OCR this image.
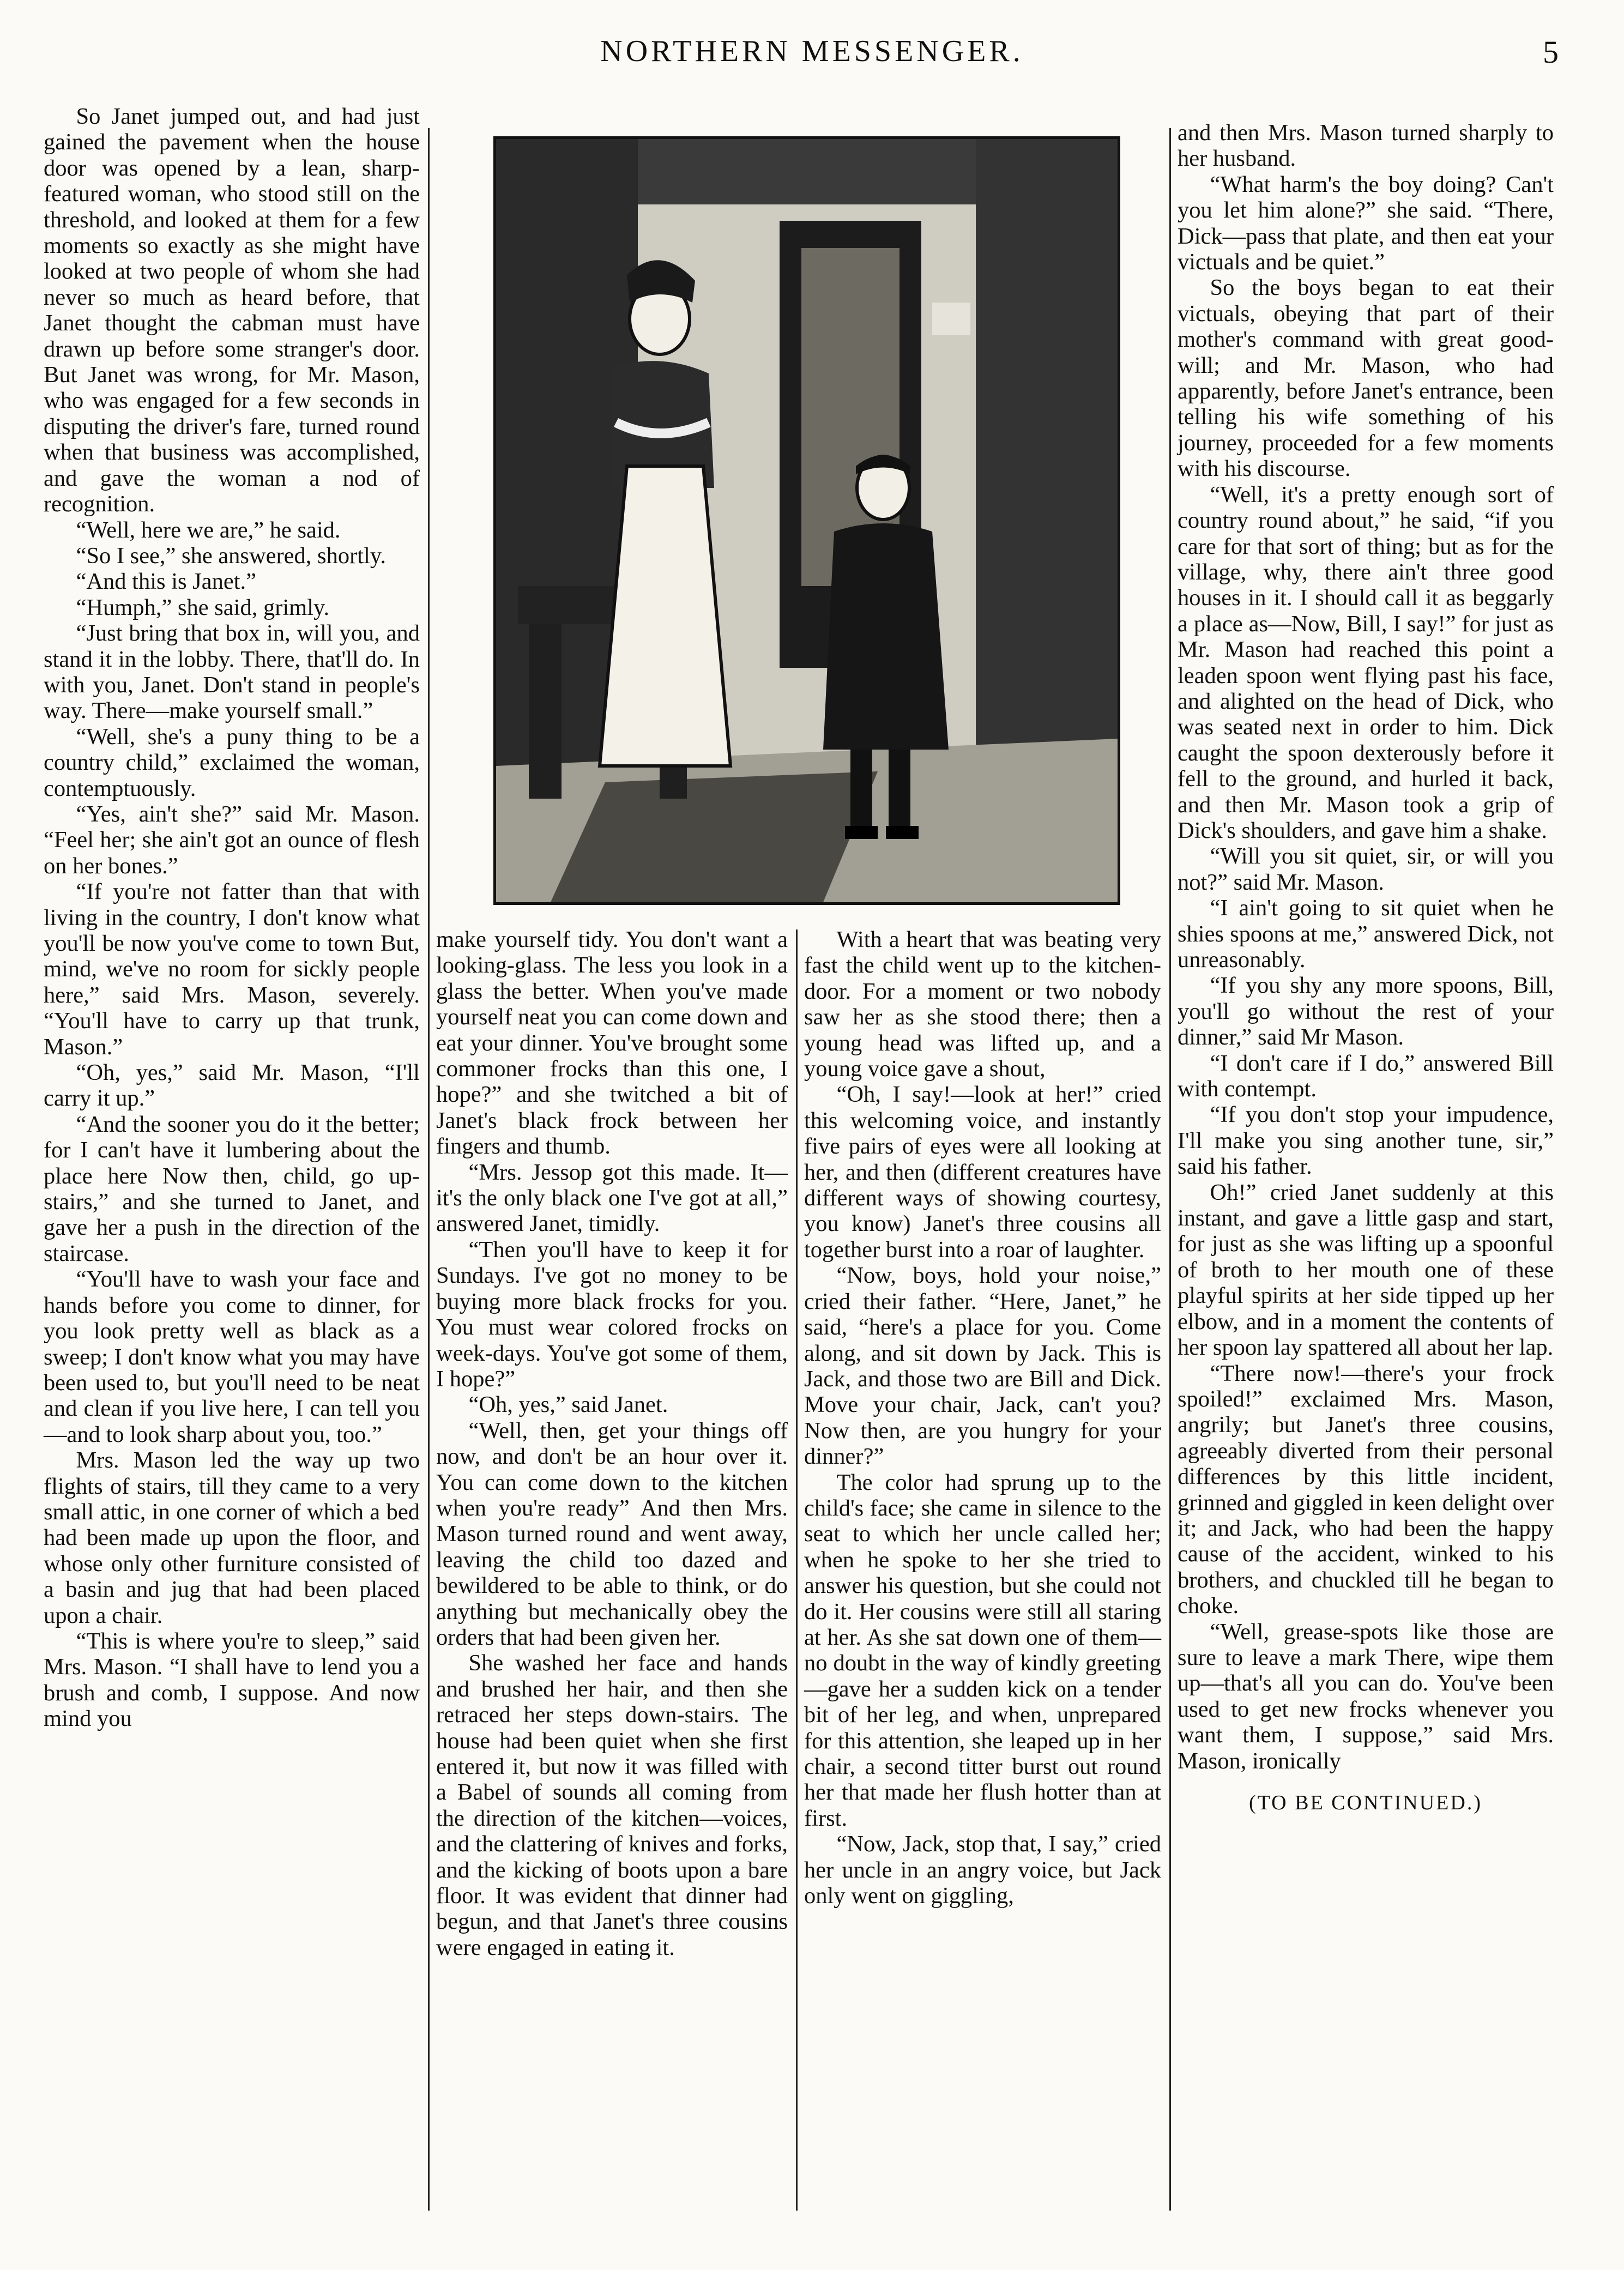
NORTHERN MESSENGER.	5

So Janet jumped out, and had just gained the pavement when the house door was opened by a lean, sharp-featured woman, who stood still on the threshold, and looked at them for a few moments so exactly as she might have looked at two people of whom she had never so much as heard before, that Janet thought the cabman must have drawn up before some stranger's door. But Janet was wrong, for Mr. Mason, who was engaged for a few seconds in disputing the driver's fare, turned round when that business was accomplished, and gave the woman a nod of recognition.

“Well, here we are,” he said.

“So I see,” she answered, shortly.

“And this is Janet.”

“Humph,” she said, grimly.

“Just bring that box in, will you, and stand it in the lobby. There, that'll do. In with you, Janet. Don't stand in people's way. There—make yourself small.”

“Well, she's a puny thing to be a country child,” exclaimed the woman, contemptuously.

“Yes, ain't she?” said Mr. Mason. “Feel her; she ain't got an ounce of flesh on her bones.”

“If you're not fatter than that with living in the country, I don't know what you'll be now you've come to town But, mind, we've no room for sickly people here,” said Mrs. Mason, severely. “You'll have to carry up that trunk, Mason.”

“Oh, yes,” said Mr. Mason, “I'll carry it up.”

“And the sooner you do it the better; for I can't have it lumbering about the place here Now then, child, go up-stairs,” and she turned to Janet, and gave her a push in the direction of the staircase.

“You'll have to wash your face and hands before you come to dinner, for you look pretty well as black as a sweep; I don't know what you may have been used to, but you'll need to be neat and clean if you live here, I can tell you—and to look sharp about you, too.”

Mrs. Mason led the way up two flights of stairs, till they came to a very small attic, in one corner of which a bed had been made up upon the floor, and whose only other furniture consisted of a basin and jug that had been placed upon a chair.

“This is where you're to sleep,” said Mrs. Mason. “I shall have to lend you a brush and comb, I suppose. And now mind you

make yourself tidy. You don't want a looking-glass. The less you look in a glass the better. When you've made yourself neat you can come down and eat your dinner. You've brought some commoner frocks than this one, I hope?” and she twitched a bit of Janet's black frock between her fingers and thumb.

“Mrs. Jessop got this made. It—it's the only black one I've got at all,” answered Janet, timidly.

“Then you'll have to keep it for Sundays. I've got no money to be buying more black frocks for you. You must wear colored frocks on week-days. You've got some of them, I hope?”

“Oh, yes,” said Janet.

“Well, then, get your things off now, and don't be an hour over it. You can come down to the kitchen when you're ready” And then Mrs. Mason turned round and went away, leaving the child too dazed and bewildered to be able to think, or do anything but mechanically obey the orders that had been given her.

She washed her face and hands and brushed her hair, and then she retraced her steps down-stairs. The house had been quiet when she first entered it, but now it was filled with a Babel of sounds all coming from the direction of the kitchen—voices, and the clattering of knives and forks, and the kicking of boots upon a bare floor. It was evident that dinner had begun, and that Janet's three cousins were engaged in eating it.

With a heart that was beating very fast the child went up to the kitchen-door. For a moment or two nobody saw her as she stood there; then a young head was lifted up, and a young voice gave a shout,

“Oh, I say!—look at her!” cried this welcoming voice, and instantly five pairs of eyes were all looking at her, and then (different creatures have different ways of showing courtesy, you know) Janet's three cousins all together burst into a roar of laughter.

“Now, boys, hold your noise,” cried their father. “Here, Janet,” he said, “here's a place for you. Come along, and sit down by Jack. This is Jack, and those two are Bill and Dick. Move your chair, Jack, can't you? Now then, are you hungry for your dinner?”

The color had sprung up to the child's face; she came in silence to the seat to which her uncle called her; when he spoke to her she tried to answer his question, but she could not do it. Her cousins were still all staring at her. As she sat down one of them—no doubt in the way of kindly greeting—gave her a sudden kick on a tender bit of her leg, and when, unprepared for this attention, she leaped up in her chair, a second titter burst out round her that made her flush hotter than at first.

“Now, Jack, stop that, I say,” cried her uncle in an angry voice, but Jack only went on giggling,

and then Mrs. Mason turned sharply to her husband.

“What harm's the boy doing? Can't you let him alone?” she said. “There, Dick—pass that plate, and then eat your victuals and be quiet.”

So the boys began to eat their victuals, obeying that part of their mother's command with great good-will; and Mr. Mason, who had apparently, before Janet's entrance, been telling his wife something of his journey, proceeded for a few moments with his discourse.

“Well, it's a pretty enough sort of country round about,” he said, “if you care for that sort of thing; but as for the village, why, there ain't three good houses in it. I should call it as beggarly a place as—Now, Bill, I say!” for just as Mr. Mason had reached this point a leaden spoon went flying past his face, and alighted on the head of Dick, who was seated next in order to him. Dick caught the spoon dexterously before it fell to the ground, and hurled it back, and then Mr. Mason took a grip of Dick's shoulders, and gave him a shake.

“Will you sit quiet, sir, or will you not?” said Mr. Mason.

“I ain't going to sit quiet when he shies spoons at me,” answered Dick, not unreasonably.

“If you shy any more spoons, Bill, you'll go without the rest of your dinner,” said Mr Mason.

“I don't care if I do,” answered Bill with contempt.

“If you don't stop your impudence, I'll make you sing another tune, sir,” said his father.

Oh!” cried Janet suddenly at this instant, and gave a little gasp and start, for just as she was lifting up a spoonful of broth to her mouth one of these playful spirits at her side tipped up her elbow, and in a moment the contents of her spoon lay spattered all about her lap.

“There now!—there's your frock spoiled!” exclaimed Mrs. Mason, angrily; but Janet's three cousins, agreeably diverted from their personal differences by this little incident, grinned and giggled in keen delight over it; and Jack, who had been the happy cause of the accident, winked to his brothers, and chuckled till he began to choke.

“Well, grease-spots like those are sure to leave a mark There, wipe them up—that's all you can do. You've been used to get new frocks whenever you want them, I suppose,” said Mrs. Mason, ironically

(TO BE CONTINUED.)
